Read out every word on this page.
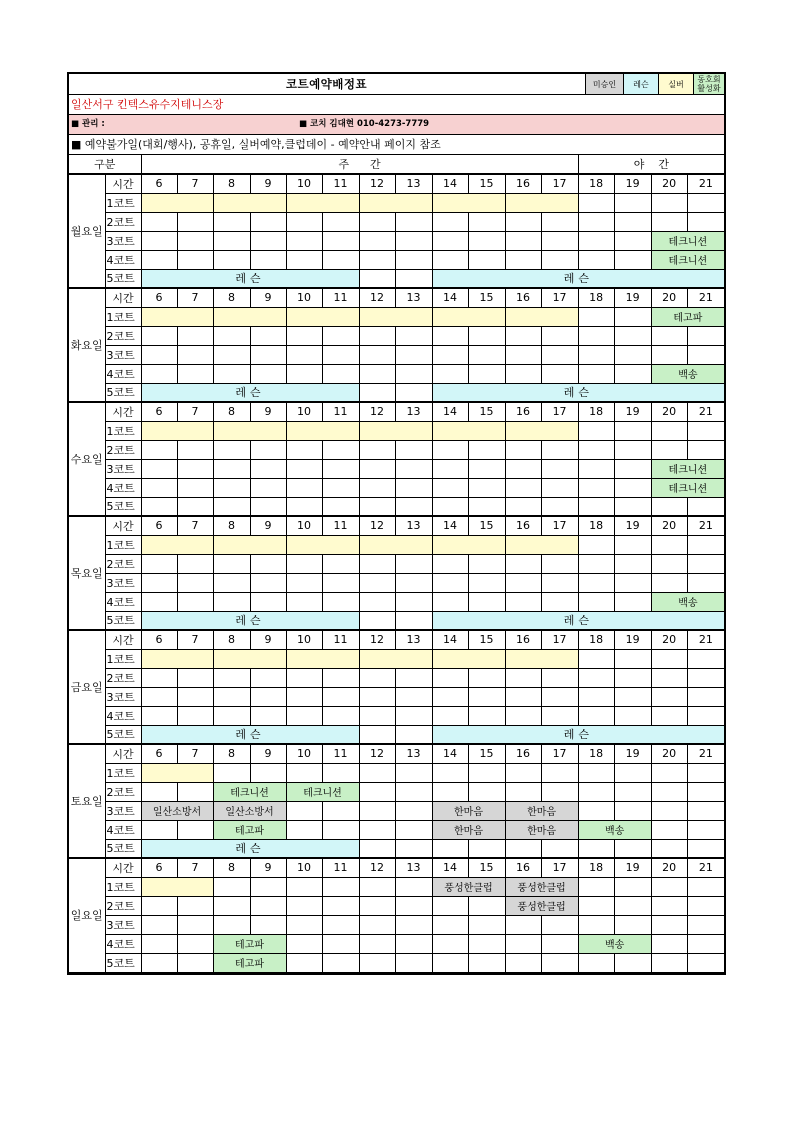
코트예약배정표	미승인	레슨	실버	동호회 활성화
일산서구 킨텍스유수지테니스장
■ 관리 :	■ 코치 김대현 010-4273-7779
■ 예약불가일(대회/행사), 공휴일, 실버예약,클럽데이 - 예약안내 페이지 참조
구분		주      간												야    간			
월요일	시간	6	7	8	9	10	11	12	13	14	15	16	17	18	19	20	21
	1코트																
	2코트																
	3코트															테크니션	
	4코트															테크니션	
	5코트	레슨								레슨							
화요일	시간	6	7	8	9	10	11	12	13	14	15	16	17	18	19	20	21
	1코트															테고파	
	2코트																
	3코트																
	4코트															백송	
	5코트	레슨								레슨							
수요일	시간	6	7	8	9	10	11	12	13	14	15	16	17	18	19	20	21
	1코트																
	2코트																
	3코트															테크니션	
	4코트															테크니션	
	5코트																
목요일	시간	6	7	8	9	10	11	12	13	14	15	16	17	18	19	20	21
	1코트																
	2코트																
	3코트																
	4코트															백송	
	5코트	레슨								레슨							
금요일	시간	6	7	8	9	10	11	12	13	14	15	16	17	18	19	20	21
	1코트																
	2코트																
	3코트																
	4코트																
	5코트	레슨								레슨							
토요일	시간	6	7	8	9	10	11	12	13	14	15	16	17	18	19	20	21
	1코트																
	2코트			테크니션		테크니션											
	3코트	일산소방서		일산소방서						한마음		한마음					
	4코트			테고파						한마음		한마음		백송			
	5코트	레슨															
일요일	시간	6	7	8	9	10	11	12	13	14	15	16	17	18	19	20	21
	1코트									풍성한클럽		풍성한클럽					
	2코트											풍성한클럽					
	3코트																
	4코트			테고파										백송			
	5코트			테고파													
